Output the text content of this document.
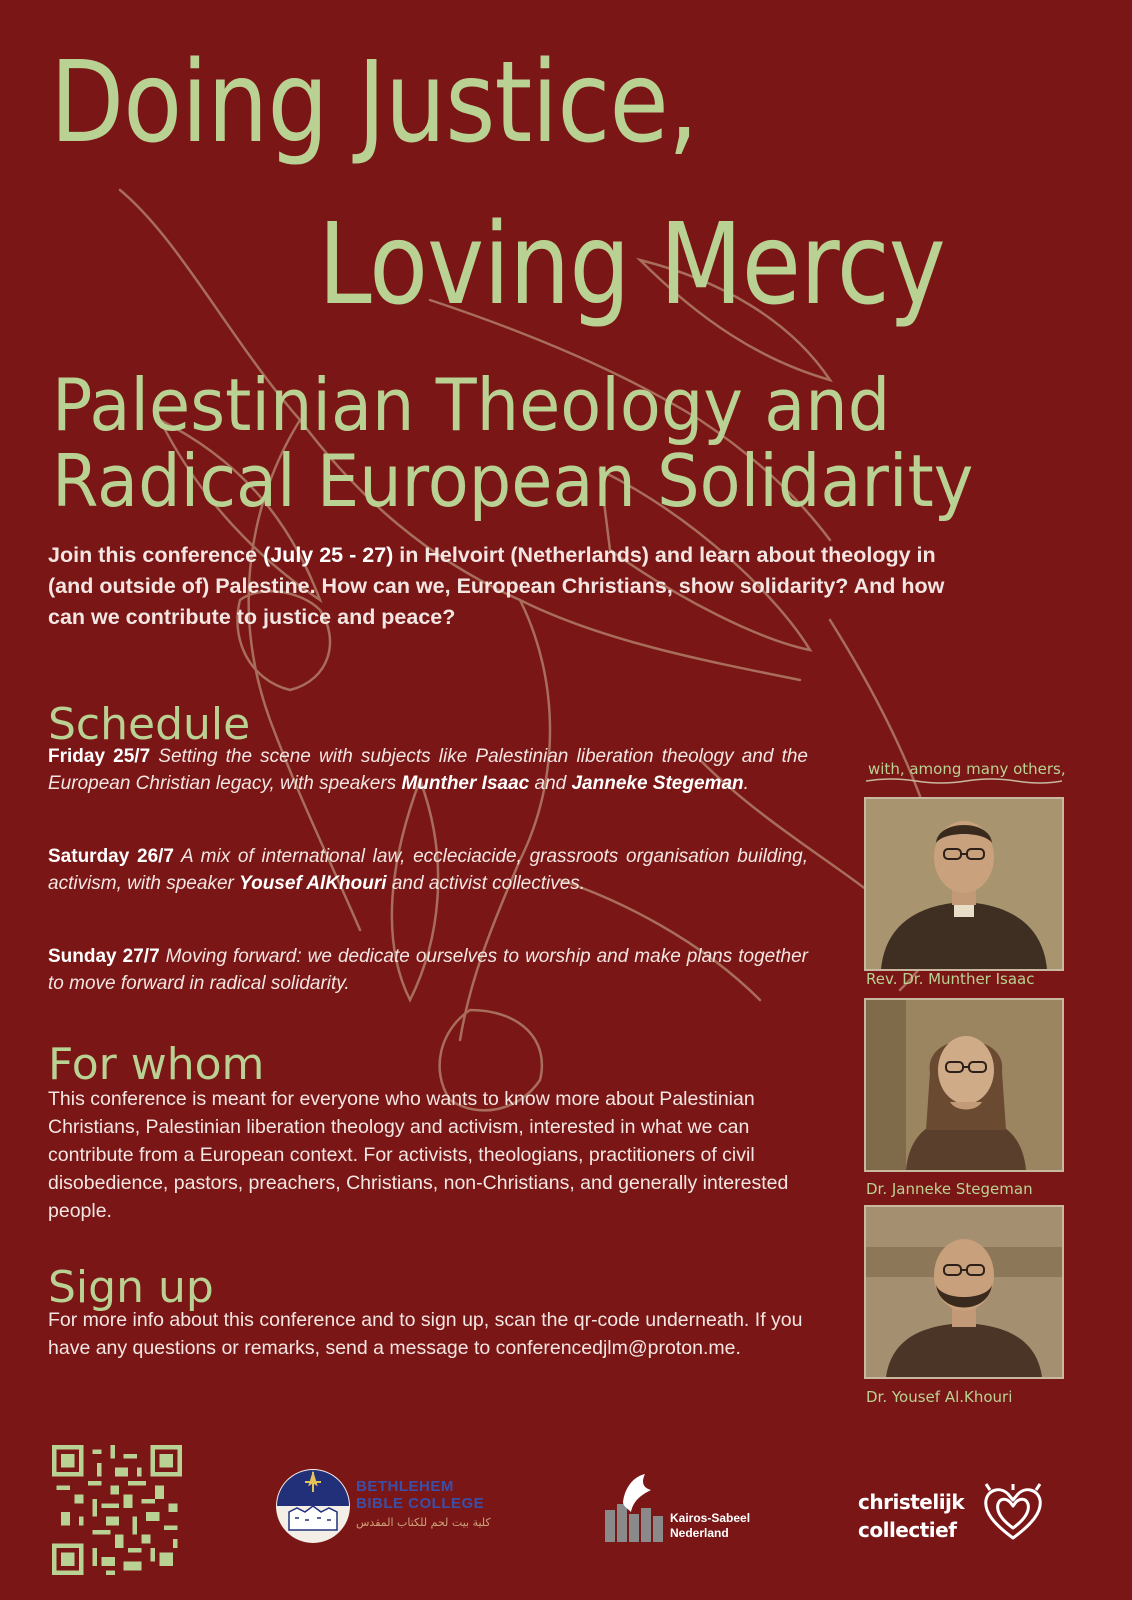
Doing Justice,
Loving Mercy
Palestinian Theology and
Radical European Solidarity

Join this conference (July 25 - 27) in Helvoirt (Netherlands) and learn about theology in (and outside of) Palestine. How can we, European Christians, show solidarity? And how can we contribute to justice and peace?

Schedule

Friday 25/7 Setting the scene with subjects like Palestinian liberation theology and the European Christian legacy, with speakers Munther Isaac and Janneke Stegeman.

Saturday 26/7 A mix of international law, eccleciacide, grassroots organisation building, activism, with speaker Yousef AlKhouri and activist collectives.

Sunday 27/7 Moving forward: we dedicate ourselves to worship and make plans together to move forward in radical solidarity.

For whom

This conference is meant for everyone who wants to know more about Palestinian Christians, Palestinian liberation theology and activism, interested in what we can contribute from a European context. For activists, theologians, practitioners of civil disobedience, pastors, preachers, Christians, non-Christians, and generally interested people.

Sign up

For more info about this conference and to sign up, scan the qr-code underneath. If you have any questions or remarks, send a message to conferencedjlm@proton.me.

with, among many others,
Rev. Dr. Munther Isaac
Dr. Janneke Stegeman
Dr. Yousef Al.Khouri
BETHLEHEM
BIBLE COLLEGE
كلية بيت لحم للكتاب المقدس	Kairos-Sabeel
Nederland
christelijk
collectief
